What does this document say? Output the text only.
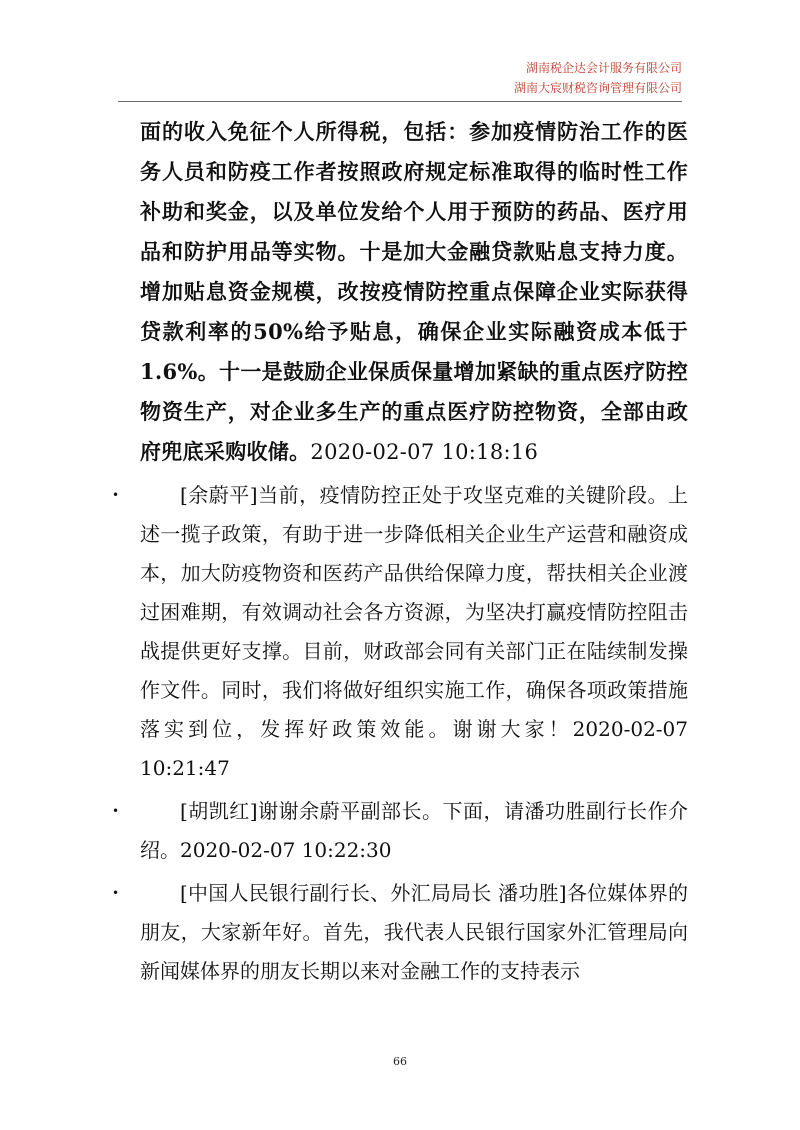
湖南税企达会计服务有限公司
湖南大宸财税咨询管理有限公司

面的收入免征个人所得税，包括：参加疫情防治工作的医务人员和防疫工作者按照政府规定标准取得的临时性工作补助和奖金，以及单位发给个人用于预防的药品、医疗用品和防护用品等实物。十是加大金融贷款贴息支持力度。增加贴息资金规模，改按疫情防控重点保障企业实际获得贷款利率的50%给予贴息，确保企业实际融资成本低于1.6%。十一是鼓励企业保质保量增加紧缺的重点医疗防控物资生产，对企业多生产的重点医疗防控物资，全部由政府兜底采购收储。2020-02-07 10:18:16

•	[余蔚平]当前，疫情防控正处于攻坚克难的关键阶段。上述一揽子政策，有助于进一步降低相关企业生产运营和融资成本，加大防疫物资和医药产品供给保障力度，帮扶相关企业渡过困难期，有效调动社会各方资源，为坚决打赢疫情防控阻击战提供更好支撑。目前，财政部会同有关部门正在陆续制发操作文件。同时，我们将做好组织实施工作，确保各项政策措施落实到位，发挥好政策效能。谢谢大家！2020-02-07 10:21:47

•	[胡凯红]谢谢余蔚平副部长。下面，请潘功胜副行长作介绍。2020-02-07 10:22:30

•	[中国人民银行副行长、外汇局局长 潘功胜]各位媒体界的朋友，大家新年好。首先，我代表人民银行国家外汇管理局向新闻媒体界的朋友长期以来对金融工作的支持表示

66
